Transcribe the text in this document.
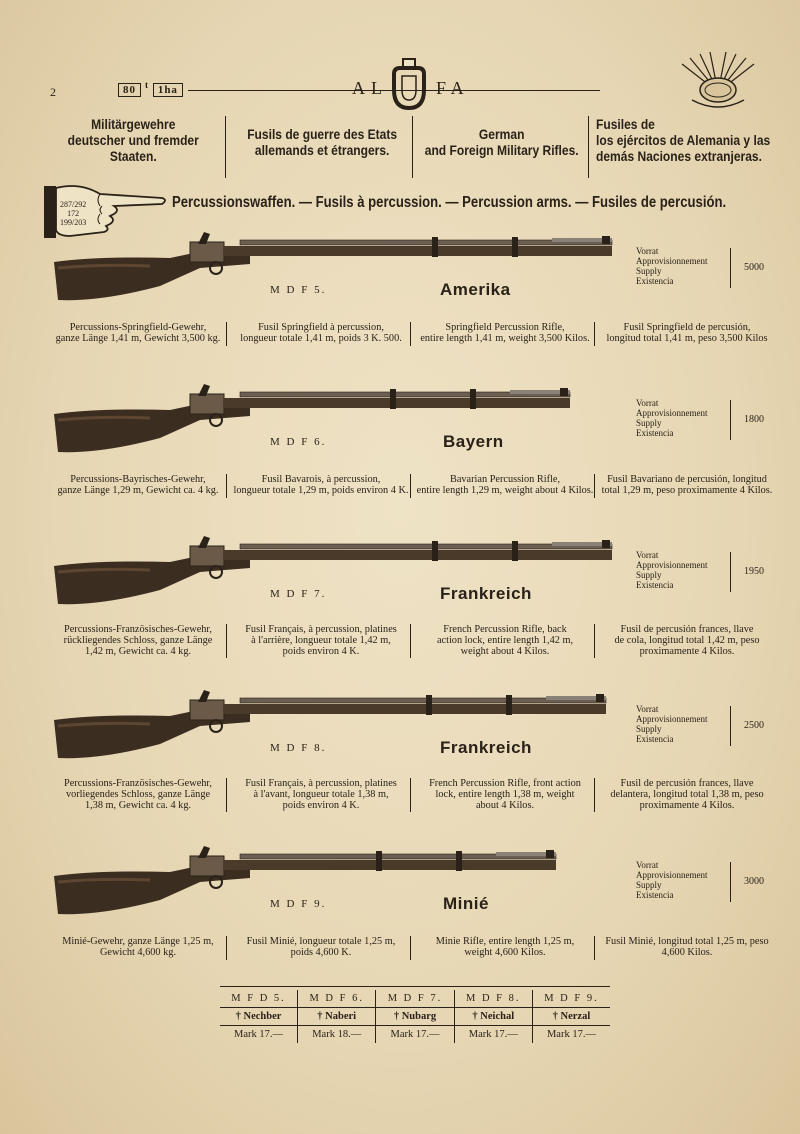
2	80 $^t$ 1ha	AL	FA
Militärgewehre
deutscher und fremder
Staaten.
Fusils de guerre des Etats
allemands et étrangers.
German
and Foreign Military Rifles.
Fusiles de
los ejércitos de Alemania y las
demás Naciones extranjeras.
287/292
172
199/203
Percussionswaffen. — Fusils à percussion. — Percussion arms. — Fusiles de percusión.
M D F 5.	Amerika
Vorrat
Approvisionnement
Supply
Existencia
5000
Percussions-Springfield-Gewehr,
ganze Länge 1,41 m, Gewicht 3,500 kg.
Fusil Springfield à percussion,
longueur totale 1,41 m, poids 3 K. 500.
Springfield Percussion Rifle,
entire length 1,41 m, weight 3,500 Kilos.
Fusil Springfield de percusión,
longitud total 1,41 m, peso 3,500 Kilos
M D F 6.	Bayern
Vorrat
Approvisionnement
Supply
Existencia
1800
Percussions-Bayrisches-Gewehr,
ganze Länge 1,29 m, Gewicht ca. 4 kg.
Fusil Bavarois, à percussion,
longueur totale 1,29 m, poids environ 4 K.
Bavarian Percussion Rifle,
entire length 1,29 m, weight about 4 Kilos.
Fusil Bavariano de percusión, longitud
total 1,29 m, peso proximamente 4 Kilos.
M D F 7.	Frankreich
Vorrat
Approvisionnement
Supply
Existencia
1950
Percussions-Französisches-Gewehr,
rückliegendes Schloss, ganze Länge
1,42 m, Gewicht ca. 4 kg.
Fusil Français, à percussion, platines
à l'arrière, longueur totale 1,42 m,
poids environ 4 K.
French Percussion Rifle, back
action lock, entire length 1,42 m,
weight about 4 Kilos.
Fusil de percusión frances, llave
de cola, longitud total 1,42 m, peso
proximamente 4 Kilos.
M D F 8.	Frankreich
Vorrat
Approvisionnement
Supply
Existencia
2500
Percussions-Französisches-Gewehr,
vorliegendes Schloss, ganze Länge
1,38 m, Gewicht ca. 4 kg.
Fusil Français, à percussion, platines
à l'avant, longueur totale 1,38 m,
poids environ 4 K.
French Percussion Rifle, front action
lock, entire length 1,38 m, weight
about 4 Kilos.
Fusil de percusión frances, llave
delantera, longitud total 1,38 m, peso
proximamente 4 Kilos.
M D F 9.	Minié
Vorrat
Approvisionnement
Supply
Existencia
3000
Minié-Gewehr, ganze Länge 1,25 m,
Gewicht 4,600 kg.
Fusil Minié, longueur totale 1,25 m,
poids 4,600 K.
Minie Rifle, entire length 1,25 m,
weight 4,600 Kilos.
Fusil Minié, longitud total 1,25 m, peso
4,600 Kilos.
M F D 5.	M D F 6.	M D F 7.	M D F 8.	M D F 9.
† Nechber	† Naberi	† Nubarg	† Neichal	† Nerzal
Mark 17.—	Mark 18.—	Mark 17.—	Mark 17.—	Mark 17.—
